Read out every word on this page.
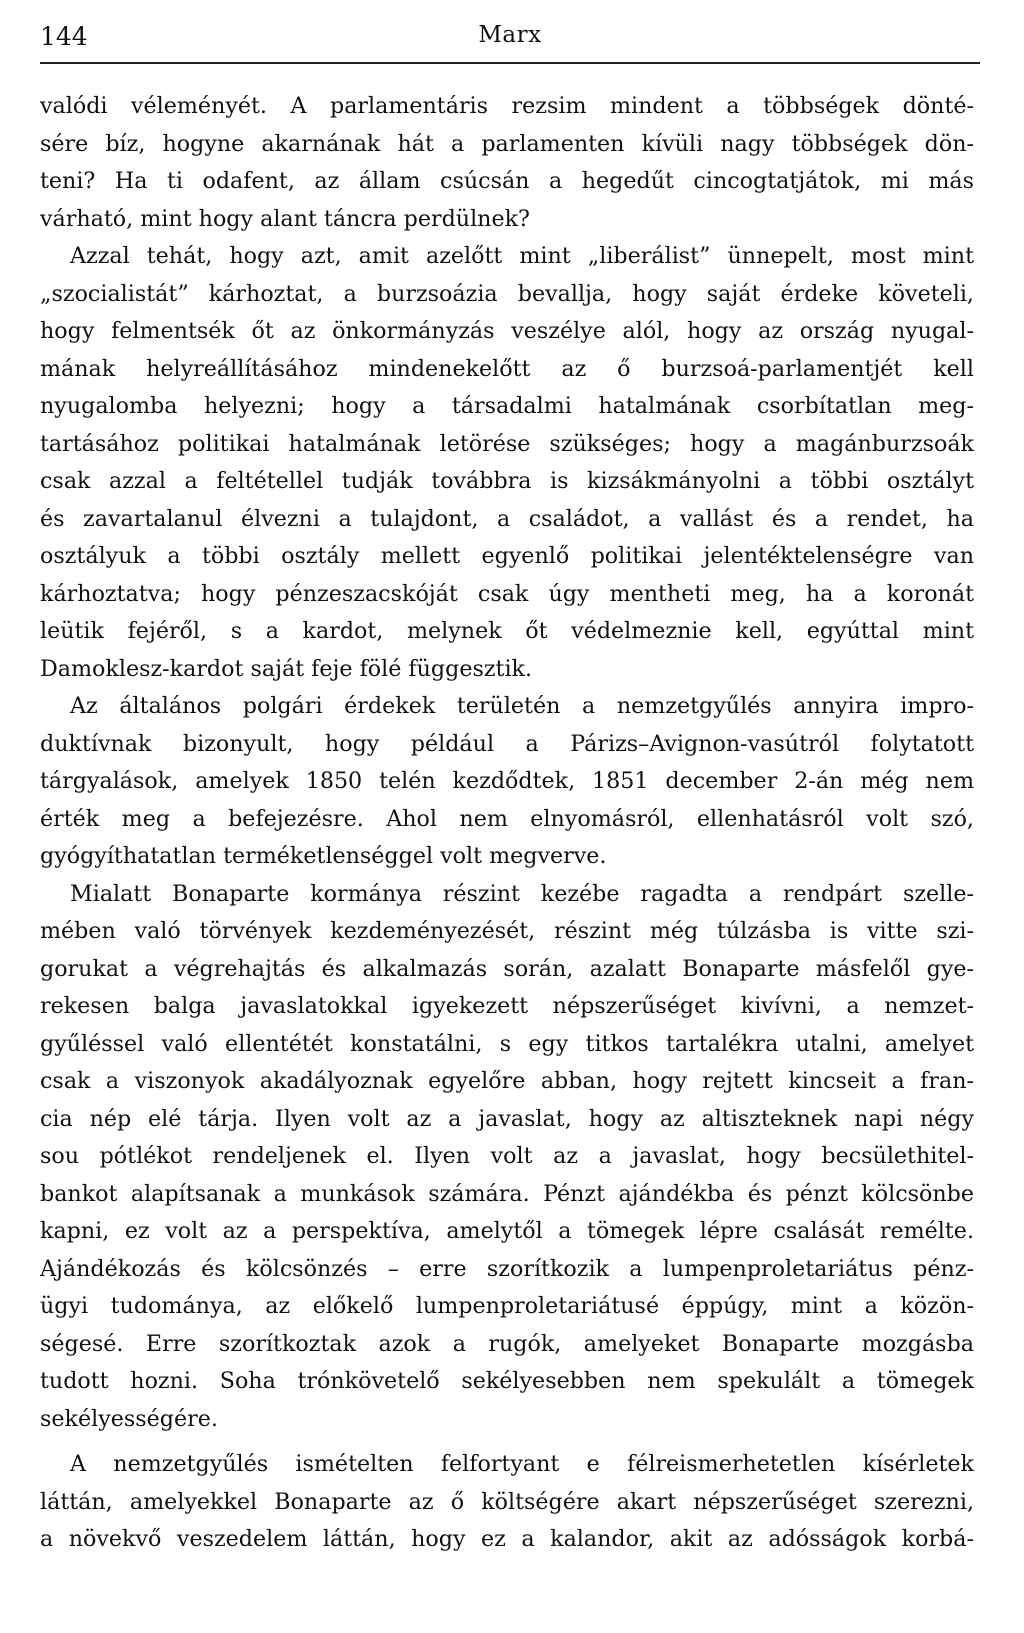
144	Marx
valódi véleményét. A parlamentáris rezsim mindent a többségek dönté-
sére bíz, hogyne akarnának hát a parlamenten kívüli nagy többségek dön-
teni? Ha ti odafent, az állam csúcsán a hegedűt cincogtatjátok, mi más
várható, mint hogy alant táncra perdülnek?
Azzal tehát, hogy azt, amit azelőtt mint „liberálist” ünnepelt, most mint
„szocialistát” kárhoztat, a burzsoázia bevallja, hogy saját érdeke követeli,
hogy felmentsék őt az önkormányzás veszélye alól, hogy az ország nyugal-
mának helyreállításához mindenekelőtt az ő burzsoá-parlamentjét kell
nyugalomba helyezni; hogy a társadalmi hatalmának csorbítatlan meg-
tartásához politikai hatalmának letörése szükséges; hogy a magánburzsoák
csak azzal a feltétellel tudják továbbra is kizsákmányolni a többi osztályt
és zavartalanul élvezni a tulajdont, a családot, a vallást és a rendet, ha
osztályuk a többi osztály mellett egyenlő politikai jelentéktelenségre van
kárhoztatva; hogy pénzeszacskóját csak úgy mentheti meg, ha a koronát
leütik fejéről, s a kardot, melynek őt védelmeznie kell, egyúttal mint
Damoklesz-kardot saját feje fölé függesztik.
Az általános polgári érdekek területén a nemzetgyűlés annyira impro-
duktívnak bizonyult, hogy például a Párizs–Avignon-vasútról folytatott
tárgyalások, amelyek 1850 telén kezdődtek, 1851 december 2-án még nem
érték meg a befejezésre. Ahol nem elnyomásról, ellenhatásról volt szó,
gyógyíthatatlan terméketlenséggel volt megverve.
Mialatt Bonaparte kormánya részint kezébe ragadta a rendpárt szelle-
mében való törvények kezdeményezését, részint még túlzásba is vitte szi-
gorukat a végrehajtás és alkalmazás során, azalatt Bonaparte másfelől gye-
rekesen balga javaslatokkal igyekezett népszerűséget kivívni, a nemzet-
gyűléssel való ellentétét konstatálni, s egy titkos tartalékra utalni, amelyet
csak a viszonyok akadályoznak egyelőre abban, hogy rejtett kincseit a fran-
cia nép elé tárja. Ilyen volt az a javaslat, hogy az altiszteknek napi négy
sou pótlékot rendeljenek el. Ilyen volt az a javaslat, hogy becsülethitel-
bankot alapítsanak a munkások számára. Pénzt ajándékba és pénzt kölcsönbe
kapni, ez volt az a perspektíva, amelytől a tömegek lépre csalását remélte.
Ajándékozás és kölcsönzés – erre szorítkozik a lumpenproletariátus pénz-
ügyi tudománya, az előkelő lumpenproletariátusé éppúgy, mint a közön-
ségesé. Erre szorítkoztak azok a rugók, amelyeket Bonaparte mozgásba
tudott hozni. Soha trónkövetelő sekélyesebben nem spekulált a tömegek
sekélyességére.
A nemzetgyűlés ismételten felfortyant e félreismerhetetlen kísérletek
láttán, amelyekkel Bonaparte az ő költségére akart népszerűséget szerezni,
a növekvő veszedelem láttán, hogy ez a kalandor, akit az adósságok korbá-
